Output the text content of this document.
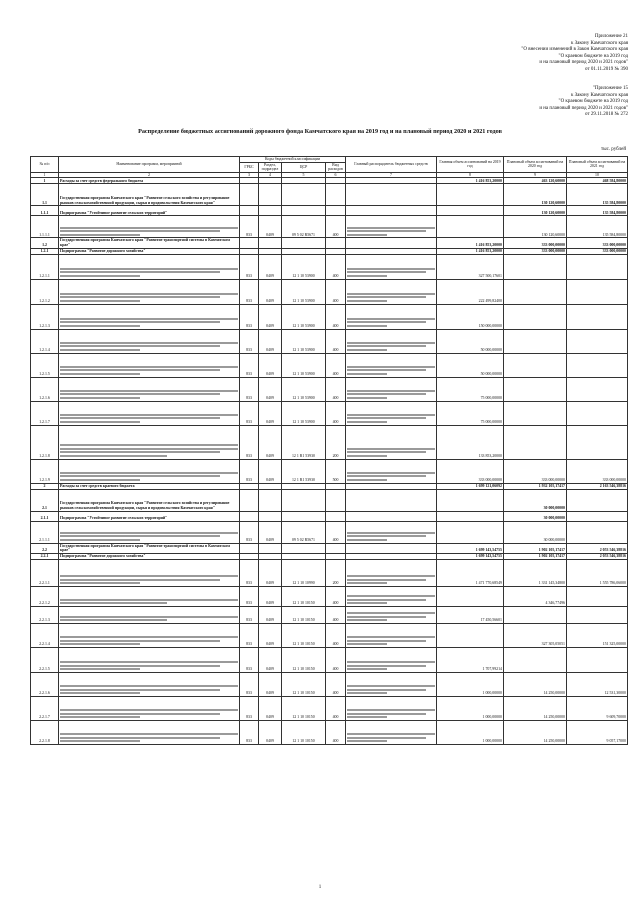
Приложение 21
к Закону Камчатского края
"О внесении изменений в Закон Камчатского края
"О краевом бюджете на 2019 год
и на плановый период 2020 и 2021 годов"
от 01.11.2019 № 390
"Приложение 15
к Закону Камчатского края
"О краевом бюджете на 2019 год
и на плановый период 2020 и 2021 годов"
от 29.11.2018 № 272
Распределение бюджетных ассигнований дорожного фонда Камчатского края на 2019 год и на плановый период 2020 и 2021 годов
тыс. рублей
№ п/п	Наименование программ, мероприятий	Коды бюджетной классификации				Главный распорядитель бюджетных средств	Главная объем ассигнований на 2019 год	Плановый объем ассигнований на 2020 год	Плановый объем ассигнований на 2021 год
		ГРБС	Раздел, подраздел	ЦСР	Вид расходов				
1	2	3	4	5	6	7	8	9	10
1	Расходы за счет средств федерального бюджета						1 416 853,20000	463 120,60000	468 584,80000
1.1	Государственная программа Камчатского края "Развитие сельского хозяйства и регулирование рынков сельскохозяйственной продукции, сырья и продовольствия Камчатского края"							130 120,60000	135 584,80000
1.1.1	Подпрограмма "Устойчивое развитие сельских территорий"							130 120,60000	135 584,80000
1.1.1.1		833	0409	09 5 02 R5671	400			130 120,60000	135 584,80000
1.2	Государственная программа Камчатского края "Развитие транспортной системы в Камчатском крае"						1 416 853,20000	333 000,00000	333 000,00000
1.2.1	Подпрограмма "Развитие дорожного хозяйства"						1 416 853,20000	333 000,00000	333 000,00000
1.2.1.1		833	0409	12 1 10 53900	400		327 500,17601		
1.2.1.2		833	0409	12 1 10 53900	400		222 499,82400		
1.2.1.3		833	0409	12 1 10 53900	400		150 000,00000		
1.2.1.4		833	0409	12 1 10 53900	400		50 000,00000		
1.2.1.5		833	0409	12 1 10 53900	400		50 000,00000		
1.2.1.6		833	0409	12 1 10 53900	400		75 000,00000		
1.2.1.7		833	0409	12 1 10 53900	400		75 000,00000		
1.2.1.8		833	0409	12 1 R1 53930	200		133 853,20000		
1.2.1.9		833	0409	12 1 R1 53930	500		333 000,00000	333 000,00000	333 000,00000
2	Расходы за счет средств краевого бюджета						1 699 121,06092	1 932 105,17417	2 163 546,38816
2.1	Государственная программа Камчатского края "Развитие сельского хозяйства и регулирование рынков сельскохозяйственной продукции, сырья и продовольствия Камчатского края"							30 000,00000	
2.1.1	Подпрограмма "Устойчивое развитие сельских территорий"							30 000,00000	
2.1.1.1		833	0409	09 5 02 R5671	400			30 000,00000	
2.2	Государственная программа Камчатского края "Развитие транспортной системы в Камчатском крае"						1 699 143,54755	1 902 105,17417	2 053 546,38816
2.2.1	Подпрограмма "Развитие дорожного хозяйства"						1 699 143,54755	1 902 105,17417	2 053 546,38816
2.2.1.1		833	0409	12 1 10 10990	200		1 471 770,68549	1 331 145,34800	1 555 786,06000
2.2.1.2		833	0409	12 1 10 10150	400			4 346,77496	
2.2.1.3		833	0409	12 1 10 10150	400		17 450,56601		
2.2.1.4		833	0409	12 1 10 10150	400			327 305,05051	151 325,00000
2.2.1.5		833	0409	12 1 10 10150	400		1 707,99214		
2.2.1.6		833	0409	12 1 10 10150	400		1 000,00000	14 250,00000	12 531,30000
2.2.1.7		833	0409	12 1 10 10150	400		1 000,00000	14 250,00000	9 609,70000
2.2.1.8		833	0409	12 1 10 10150	400		1 000,00000	14 250,00000	9 057,17000
1
